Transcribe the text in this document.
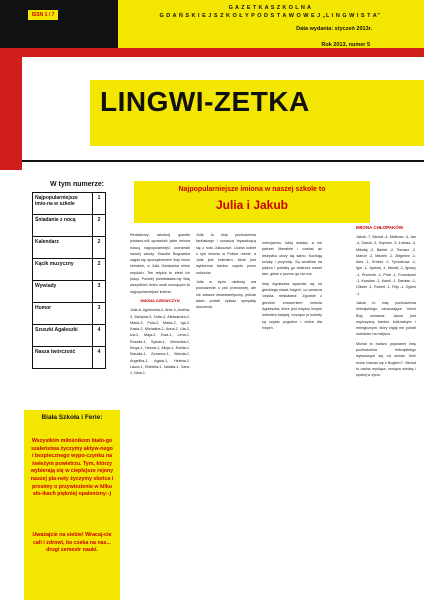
ISSN 1 / 7
G A Z E T K A S Z K O L N A
G D A Ń S K I E J S Z K O Ł Y P O D S T A W O W E J „L I N G W I S T A”
Data wydania: styczeń 2013r.
Rok 2013, numer 5
LINGWI-ZETKA
W tym numerze:
Najpopularniejsze imio-na w szkole
1
Śniadanie z nocą	2
Kalendarz	2
Kącik muzyczny	2
Wywiady	3
Humor	3
Szuszki Agaleszki	4
Nasza twórczość	4
Biała Szkoła i Ferie:
Wszystkim miłośnikom biało-go szaleństwa życzymy aktyw-nego i bezpiecznego wypo-czynku na świeżym powietrzu. Tym, którzy wybierają się w cieplejsze rejony naszej pla-nety życzymy słońca i prosimy o przywiezienie w kilku sło-ikach piękniej opalenizny:-)
Uważajcie na siebie! Wracaj-cie cali i zdrowi, bo czeka na nas... drugi semestr nauki.
Najpopularniejsze imiona w naszej szkole to
Julia i Jakub

Redaktorzy szkolnej gazetki postano-wili sprawdzić jakie imiona noszą najpopularniejsi uczniowie naszej szkoły. Klaudia Bogowska zajęła się sporządzeniem listy imion żeńskich, a Julia Gawbanka imion męskich. Tee artykuł to efekt ich pracy. Poniżej przedstawia-my listę wszystkich imion osób noszących te najpopularniejsze imiona.

IMIONA DZIEWCZYN

Julia-8, Agnieszka-4, Ania-3, Amelia-3, Martyna-3, Zofia-3, Aleksandra-2, Maria-2, Pola-2, Marta-2, Iga-2, Kasia-2, Michalina-2, Anna-2, Ula-2, Iza-2, Maja-2, Ewa-1, Lena-1, Rozalia-1, Sylwia-1, Weronika-1, Kinga-1, Hanna-1, Alicja-1, Emilia-1, Klaudia-1, Zuzanna-1, Wanda-1, Angelika-1, Agata-1, Helena-1, Laura-1, Elżbieta-1, Natalia-1, Sara-1, Nina-1.

Julia to imię pochodzenia łacińskiego i oznacza 'wywodzącą się z rodu Juliuszów'. Liczba kobiet o tym imieniu w Polsce rośnie, a Julia jest imieniem, które jest wybierane bardzo często przez rodziców.

Julia w życiu niekiedy ma powodzenie u płci przeciwnej, ale nie zawsze ekstrawertyczny, jednak łatwo potrafi zyskać sympatię otoczenia.

entuzjazmu, lubią działać, a nie patrzeć liberalnie i czekać aż wszystko ułoży się samo. Kochają sztukę i przyrodę. Są wrażliwe na piękno i potrafią go dostrzec nawet tam, gdzie z pozoru go nie ma.

Imię Agnieszka wywodzi się od greckiego słowa 'hagne', co oznacza 'czysta, nieskalana'. Zgodnie z greckim znaczeniem imienia Agnieszka, które jest między innymi imieniem świętej, noszące je kobiety są często pogodne i dobre dla innych.

IMIONA CHŁOPAKÓW

Jakub -7, Michał -4, Mateusz -4, Jan -4, Dawid -3, Szymon -3, Łukasz -3, Mikołaj -2, Bartek -2, Tomasz -2, Marcin -2, Maciek -1, Zbigniew -1, Ales -1, Ernest -1, Tymoteusz -1, Igor -1, Jędrzej -1, Maciej -1, Ignacy -1, Przemek -1, Piotr -1, Franciszek -1, Krystian -1, Kamil -1, Damian -1, Oliwier -1, Robert -1, Filip -1, Oglesi -1

Jakub to imię pochodzenia hebrajskiego oznaczające 'niech Bóg ochrania'. Jakub jest mężczyzną bardzo kulturalnym i energicznym, który nigdy nie potrafi usiedzieć na miejscu.

Michał to bardzo popularne imię pochodzenia hebrajskiego wywodzące się od zwrotu 'któż może równać się z Bogiem?'. Michał to osoba myśląca, ceniąca wiedzę i spokój w życiu.
